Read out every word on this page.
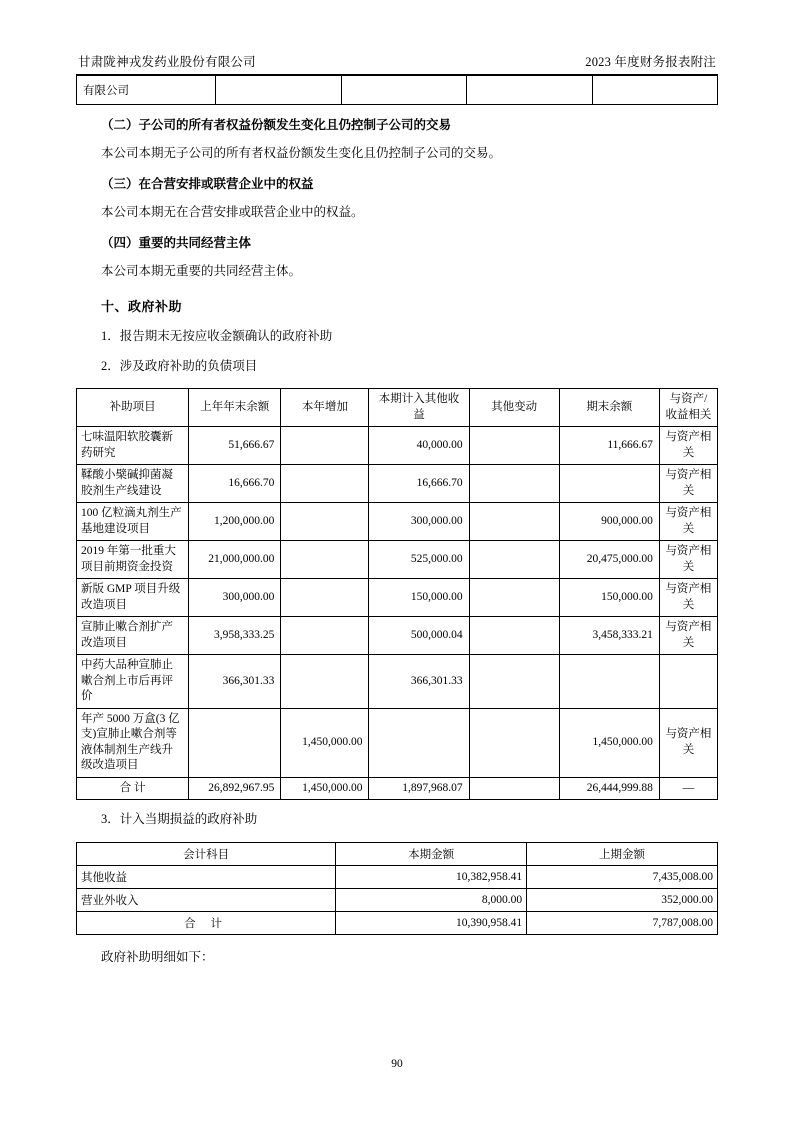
甘肃陇神戎发药业股份有限公司	2023 年度财务报表附注
有限公司				
（二）子公司的所有者权益份额发生变化且仍控制子公司的交易
本公司本期无子公司的所有者权益份额发生变化且仍控制子公司的交易。
（三）在合营安排或联营企业中的权益
本公司本期无在合营安排或联营企业中的权益。
（四）重要的共同经营主体
本公司本期无重要的共同经营主体。
十、政府补助
1．报告期末无按应收金额确认的政府补助
2．涉及政府补助的负债项目
补助项目	上年年末余额	本年增加	本期计入其他收益	其他变动	期末余额	与资产/收益相关
七味温阳软胶囊新药研究	51,666.67		40,000.00		11,666.67	与资产相关
鞣酸小檗碱抑菌凝胶剂生产线建设	16,666.70		16,666.70			与资产相关
100 亿粒滴丸剂生产基地建设项目	1,200,000.00		300,000.00		900,000.00	与资产相关
2019 年第一批重大项目前期资金投资	21,000,000.00		525,000.00		20,475,000.00	与资产相关
新版 GMP 项目升级改造项目	300,000.00		150,000.00		150,000.00	与资产相关
宣肺止嗽合剂扩产改造项目	3,958,333.25		500,000.04		3,458,333.21	与资产相关
中药大品种宣肺止嗽合剂上市后再评价	366,301.33		366,301.33			
年产 5000 万盒(3 亿支)宣肺止嗽合剂等液体制剂生产线升级改造项目		1,450,000.00			1,450,000.00	与资产相关
合 计	26,892,967.95	1,450,000.00	1,897,968.07		26,444,999.88	—
3．计入当期损益的政府补助
会计科目	本期金额	上期金额
其他收益	10,382,958.41	7,435,008.00
营业外收入	8,000.00	352,000.00
合 计	10,390,958.41	7,787,008.00
政府补助明细如下：
90
